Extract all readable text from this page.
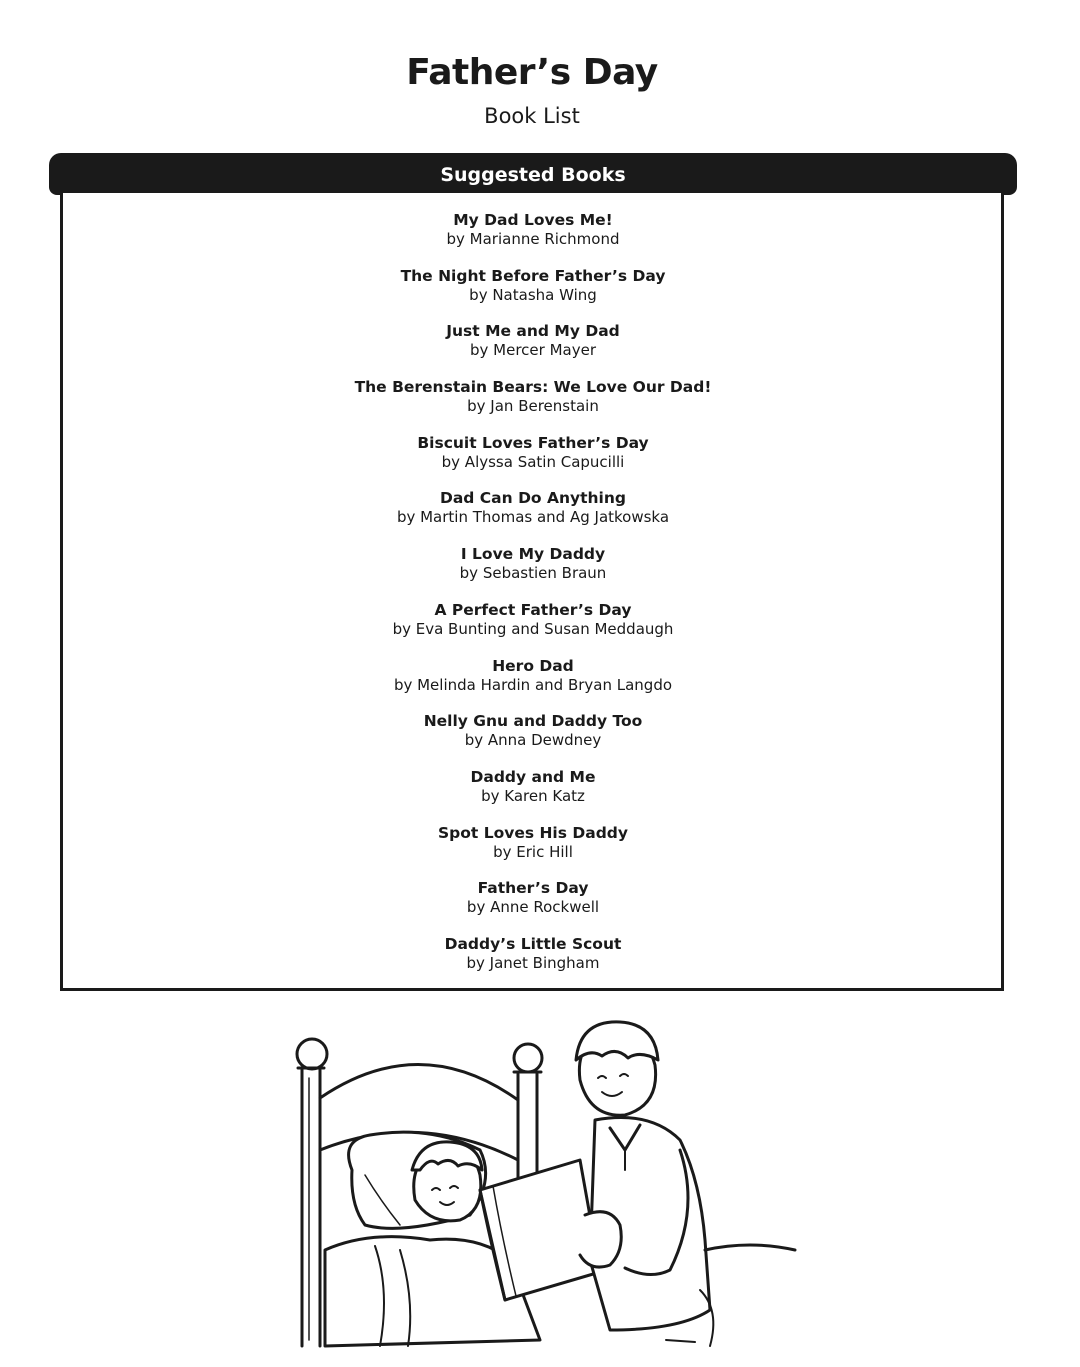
Father’s Day
Book List
Suggested Books
My Dad Loves Me!
by Marianne Richmond
The Night Before Father’s Day
by Natasha Wing
Just Me and My Dad
by Mercer Mayer
The Berenstain Bears: We Love Our Dad!
by Jan Berenstain
Biscuit Loves Father’s Day
by Alyssa Satin Capucilli
Dad Can Do Anything
by Martin Thomas and Ag Jatkowska
I Love My Daddy
by Sebastien Braun
A Perfect Father’s Day
by Eva Bunting and Susan Meddaugh
Hero Dad
by Melinda Hardin and Bryan Langdo
Nelly Gnu and Daddy Too
by Anna Dewdney
Daddy and Me
by Karen Katz
Spot Loves His Daddy
by Eric Hill
Father’s Day
by Anne Rockwell
Daddy’s Little Scout
by Janet Bingham
